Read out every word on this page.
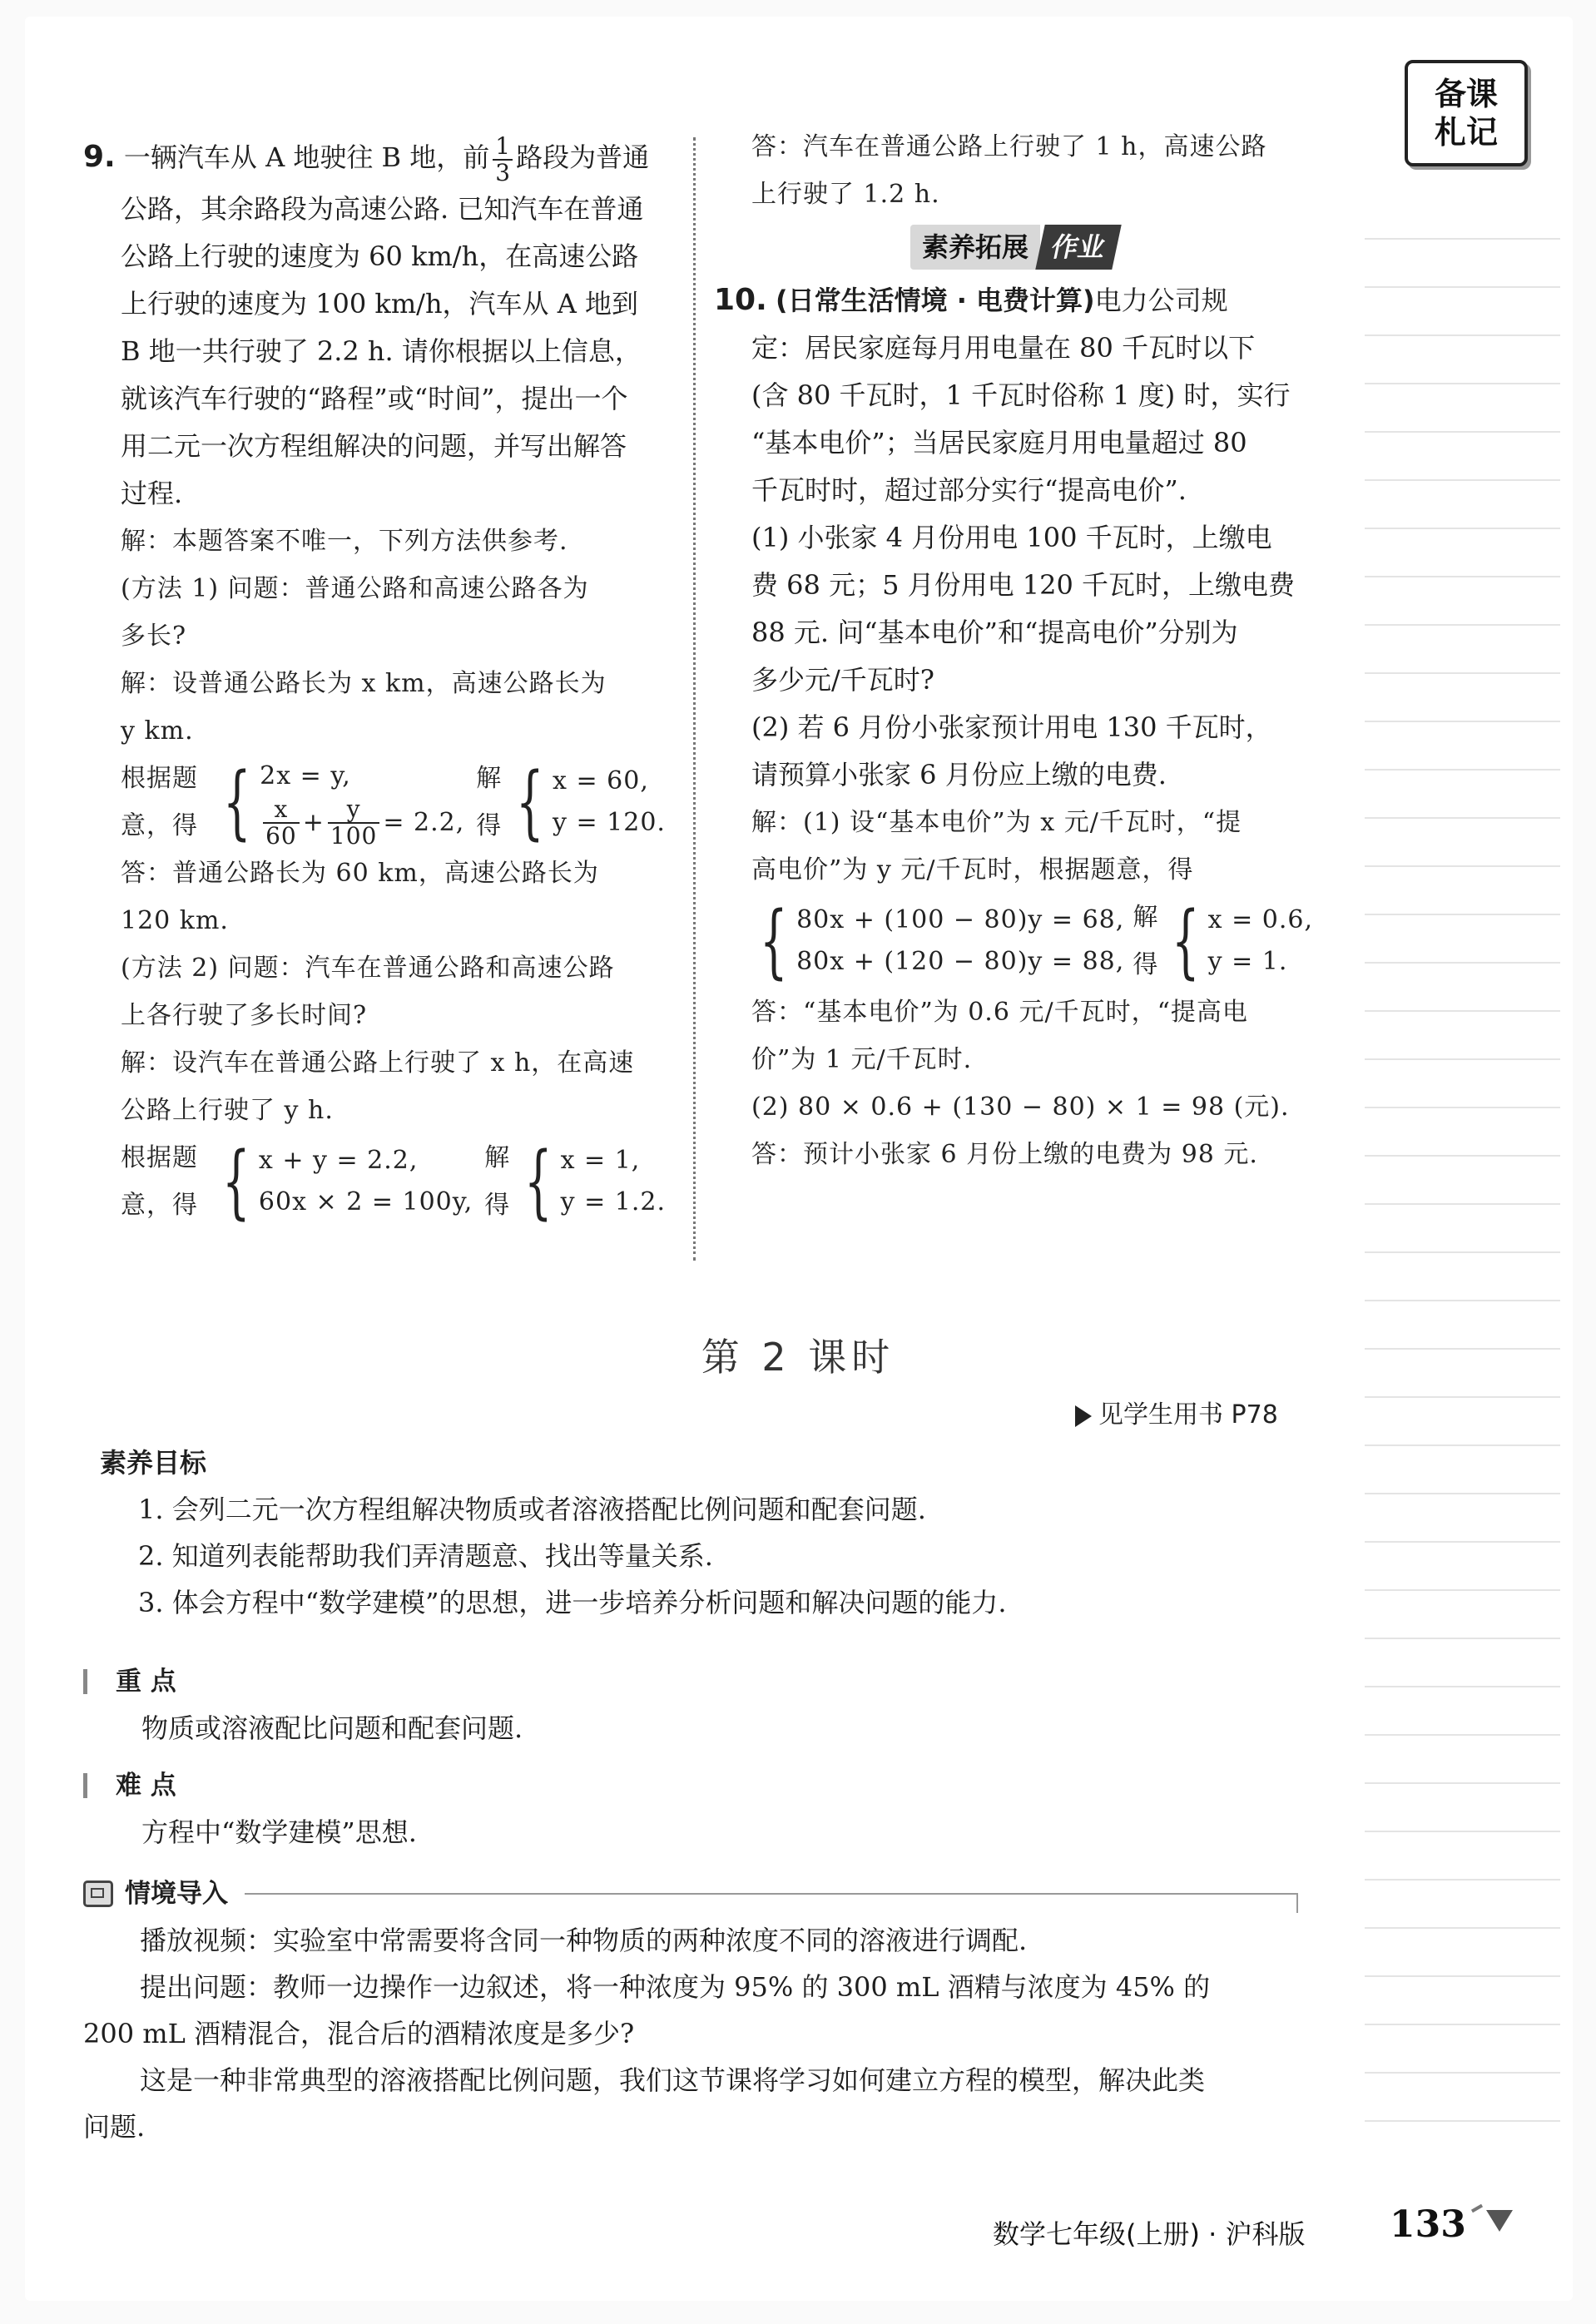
备课
札记

9. 一辆汽车从 A 地驶往 B 地，前 $\frac{1}{3}$ 路段为普通

公路，其余路段为高速公路. 已知汽车在普通

公路上行驶的速度为 60 km/h，在高速公路

上行驶的速度为 100 km/h，汽车从 A 地到

B 地一共行驶了 2.2 h. 请你根据以上信息，

就该汽车行驶的“路程”或“时间”，提出一个

用二元一次方程组解决的问题，并写出解答

过程.

解：本题答案不唯一，下列方法供参考.

(方法 1) 问题：普通公路和高速公路各为

多长?

解：设普通公路长为 x km，高速公路长为

y km.

根据题意，得 { 2x = y,
$\frac{x}{60} + \frac{y}{100} = 2.2$,
解得 { x = 60,
y = 120.

答：普通公路长为 60 km，高速公路长为

120 km.

(方法 2) 问题：汽车在普通公路和高速公路

上各行驶了多长时间?

解：设汽车在普通公路上行驶了 x h，在高速

公路上行驶了 y h.

根据题意，得 { x + y = 2.2,
60x × 2 = 100y,
解得 { x = 1,
y = 1.2.

答：汽车在普通公路上行驶了 1 h，高速公路

上行驶了 1.2 h.

素养拓展 作业

10. (日常生活情境 · 电费计算)电力公司规

定：居民家庭每月用电量在 80 千瓦时以下

(含 80 千瓦时，1 千瓦时俗称 1 度) 时，实行

“基本电价”；当居民家庭月用电量超过 80

千瓦时时，超过部分实行“提高电价”.

(1) 小张家 4 月份用电 100 千瓦时，上缴电

费 68 元；5 月份用电 120 千瓦时，上缴电费

88 元. 问“基本电价”和“提高电价”分别为

多少元/千瓦时?

(2) 若 6 月份小张家预计用电 130 千瓦时，

请预算小张家 6 月份应上缴的电费.

解：(1) 设“基本电价”为 x 元/千瓦时，“提

高电价”为 y 元/千瓦时，根据题意，得

{ 80x + (100 − 80)y = 68,
80x + (120 − 80)y = 88,
解得 { x = 0.6,
y = 1.

答：“基本电价”为 0.6 元/千瓦时，“提高电

价”为 1 元/千瓦时.

(2) 80 × 0.6 + (130 − 80) × 1 = 98 (元).

答：预计小张家 6 月份上缴的电费为 98 元.

第 2 课时
见学生用书 P78

素养目标

1. 会列二元一次方程组解决物质或者溶液搭配比例问题和配套问题.

2. 知道列表能帮助我们弄清题意、找出等量关系.

3. 体会方程中“数学建模”的思想，进一步培养分析问题和解决问题的能力.

重 点

物质或溶液配比问题和配套问题.

难 点

方程中“数学建模”思想.

情境导入

播放视频：实验室中常需要将含同一种物质的两种浓度不同的溶液进行调配.

提出问题：教师一边操作一边叙述，将一种浓度为 95% 的 300 mL 酒精与浓度为 45% 的

200 mL 酒精混合，混合后的酒精浓度是多少?

这是一种非常典型的溶液搭配比例问题，我们这节课将学习如何建立方程的模型，解决此类

问题.

数学七年级(上册) · 沪科版 133
